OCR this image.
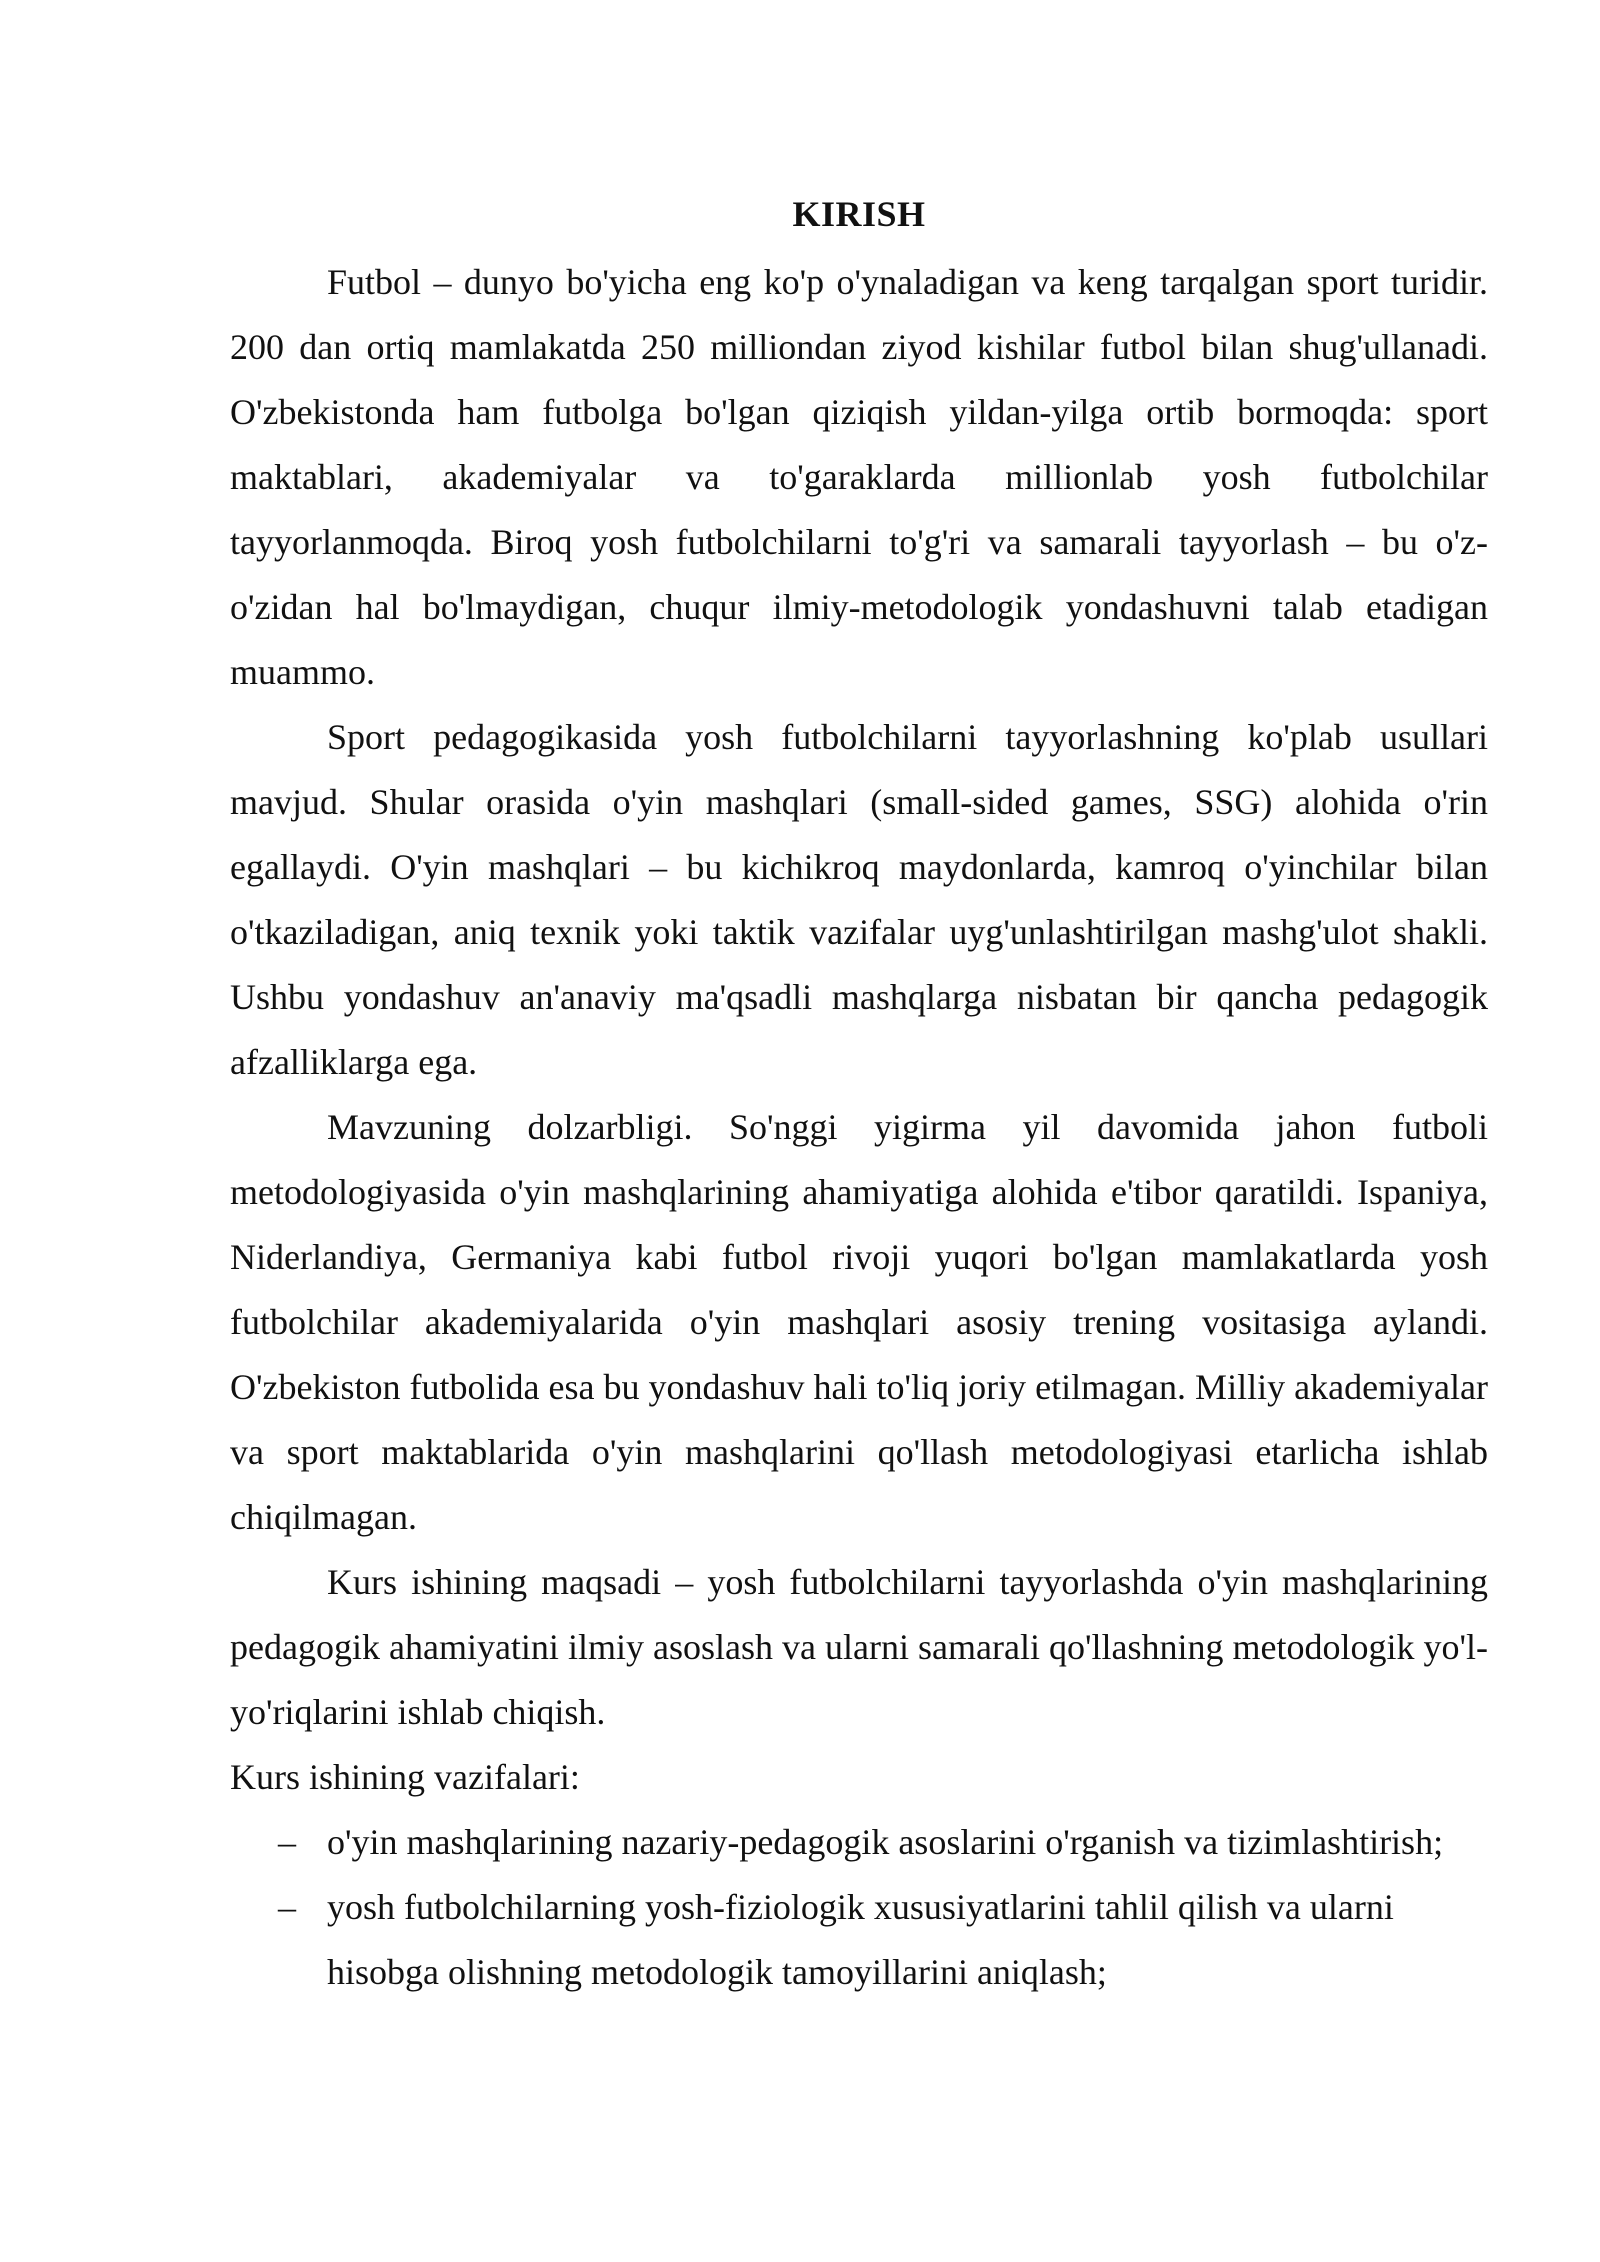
KIRISH

Futbol – dunyo bo'yicha eng ko'p o'ynaladigan va keng tarqalgan sport turidir. 200 dan ortiq mamlakatda 250 milliondan ziyod kishilar futbol bilan shug'ullanadi. O'zbekistonda ham futbolga bo'lgan qiziqish yildan-yilga ortib bormoqda: sport maktablari, akademiyalar va to'garaklarda millionlab yosh futbolchilar tayyorlanmoqda. Biroq yosh futbolchilarni to'g'ri va samarali tayyorlash – bu o'z-o'zidan hal bo'lmaydigan, chuqur ilmiy-metodologik yondashuvni talab etadigan muammo.

Sport pedagogikasida yosh futbolchilarni tayyorlashning ko'plab usullari mavjud. Shular orasida o'yin mashqlari (small-sided games, SSG) alohida o'rin egallaydi. O'yin mashqlari – bu kichikroq maydonlarda, kamroq o'yinchilar bilan o'tkaziladigan, aniq texnik yoki taktik vazifalar uyg'unlashtirilgan mashg'ulot shakli. Ushbu yondashuv an'anaviy ma'qsadli mashqlarga nisbatan bir qancha pedagogik afzalliklarga ega.

Mavzuning dolzarbligi. So'nggi yigirma yil davomida jahon futboli metodologiyasida o'yin mashqlarining ahamiyatiga alohida e'tibor qaratildi. Ispaniya, Niderlandiya, Germaniya kabi futbol rivoji yuqori bo'lgan mamlakatlarda yosh futbolchilar akademiyalarida o'yin mashqlari asosiy trening vositasiga aylandi. O'zbekiston futbolida esa bu yondashuv hali to'liq joriy etilmagan. Milliy akademiyalar va sport maktablarida o'yin mashqlarini qo'llash metodologiyasi etarlicha ishlab chiqilmagan.

Kurs ishining maqsadi – yosh futbolchilarni tayyorlashda o'yin mashqlarining pedagogik ahamiyatini ilmiy asoslash va ularni samarali qo'llashning metodologik yo'l-yo'riqlarini ishlab chiqish.

Kurs ishining vazifalari:

– o'yin mashqlarining nazariy-pedagogik asoslarini o'rganish va tizimlashtirish;
– yosh futbolchilarning yosh-fiziologik xususiyatlarini tahlil qilish va ularni hisobga olishning metodologik tamoyillarini aniqlash;
